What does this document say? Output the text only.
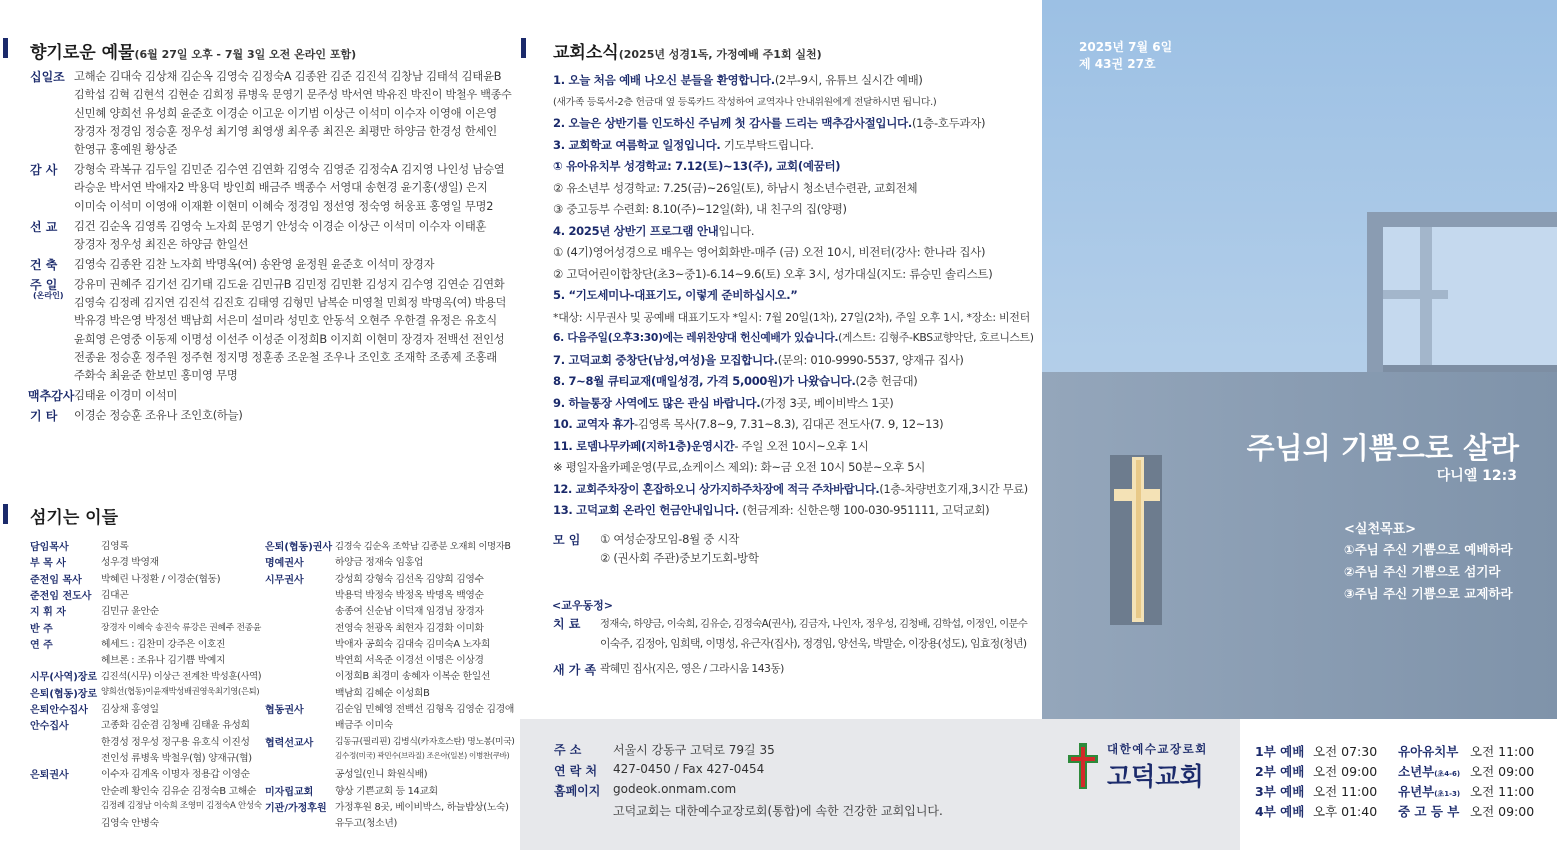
향기로운 예물(6월 27일 오후 - 7월 3일 오전 온라인 포함)
십일조 고해순 김대숙 김상채 김순옥 김영숙 김정숙A 김종완 김준 김진석 김창남 김태석 김태윤B
김학섭 김혁 김현석 김현순 김희정 류병욱 문영기 문주성 박서연 박유진 박진이 박철우 백종수
신민혜 양희선 유성희 윤준호 이경순 이고운 이기범 이상근 이석미 이수자 이영애 이은영
장경자 정경임 정승훈 정우성 최기영 최영생 최우종 최진온 최평만 하양금 한경성 한세인
한영규 홍예원 황상준
감 사 강형숙 곽복규 김두일 김민준 김수연 김연화 김영숙 김영준 김정숙A 김지영 나인성 남승열
라승운 박서연 박애자2 박용덕 방인희 배금주 백종수 서영대 송현경 윤기홍(생일) 은지
이미숙 이석미 이영애 이재환 이현미 이혜숙 정경임 정선영 정숙영 허웅표 홍영일 무명2
선 교 김건 김순옥 김영록 김영숙 노자희 문영기 안성숙 이경순 이상근 이석미 이수자 이태훈
장경자 정우성 최진온 하양금 한일선
건 축 김영숙 김종완 김찬 노자희 박명옥(여) 송완영 윤정원 윤준호 이석미 장경자
주 일
(온라인)
강유미 권혜주 김기선 김기태 김도윤 김민규B 김민정 김민환 김성지 김수영 김연순 김연화
김영숙 김정례 김지연 김진석 김진호 김태영 김형민 남복순 미영철 민희정 박명옥(여) 박용덕
박유경 박은영 박정선 백남희 서은미 설미라 성민호 안동석 오현주 우한결 유정은 유호식
윤희영 은영중 이동제 이명성 이선주 이성준 이정희B 이지희 이현미 장경자 전백선 전인성
전종윤 정승훈 정주원 정주현 정지명 정훈종 조운철 조우나 조인호 조재학 조종제 조홍래
주화숙 최윤준 한보민 홍미영 무명
맥추감사 김태윤 이경미 이석미
기 타 이경순 정승훈 조유나 조인호(하늘)
섬기는 이들
담임목사	김영록
부 목 사	성우경 박영재
준전임 목사 박혜린 나정환 / 이경순(협동)
준전임 전도사 김대곤
지 휘 자	김민규 윤안순
반 주	장경자 이혜숙 송진숙 류강은 권혜주 전종윤
연 주	헤세드 : 김찬미 강주은 이호진
헤브론 : 조유나 김기쁨 박예지
시무(사역)장로 김진석(시무) 이상근 전계찬 박성훈(사역)
은퇴(협동)장로 양희선(협동)이윤재박성배권영욱최기영(은퇴)
은퇴안수집사 김상채 홍영일
안수집사	고종화 김순겸 김청배 김태윤 유성희
한경성 정우성 정구용 유호식 이진성
전인성 류병욱 박철우(협) 양재규(협)
은퇴권사	이수자 김계옥 이명자 정용갑 이영순
안순례 황인숙 김유순 김정숙B 고해순
김정례 김정남 이숙희 조영미 김정숙A 안성숙
김영숙 안병숙
은퇴(협동)권사 김경숙 김순옥 조학남 김종분 오재희 이명자B
명예권사	하양금 정재숙 임홍업
시무권사	강성희 강형숙 김선옥 김양희 김영수
박용덕 박정숙 박정옥 박명옥 백영순
송종여 신순남 이덕재 임경님 장경자
전영숙 천광옥 최현자 김경화 이미화
박애자 공희숙 김대숙 김미숙A 노자희
박연희 서옥준 이경선 이명은 이상경
이정희B 최경미 송혜자 이복순 한일선
백남희 김혜순 이성희B
협동권사	김순임 민혜영 전백선 김형옥 김영순 김경애
배금주 이미숙
협력선교사 김동규(필리핀) 김병식(카자흐스탄) 명노봉(미국)
김수정(미국) 곽민수(브라질) 조은아(일본) 이병찬(쿠바)
공성일(인니 화원식배)
미자립교회 향상 기쁜교회 등 14교회
기관/가정후원 가정후원 8곳, 베이비박스, 하늘밥상(노숙)
유두고(청소년)
교회소식(2025년 성경1독, 가정예배 주1회 실천)
1. 오늘 처음 예배 나오신 분들을 환영합니다.(2부-9시, 유튜브 실시간 예배)
(새가족 등록서-2층 헌금대 옆 등록카드 작성하여 교역자나 안내위원에게 전달하시면 됩니다.)
2. 오늘은 상반기를 인도하신 주님께 첫 감사를 드리는 맥추감사절입니다.(1층-호두과자)
3. 교회학교 여름학교 일정입니다. 기도부탁드립니다.
① 유아유치부 성경학교: 7.12(토)~13(주), 교회(예꿈터)
② 유소년부 성경학교: 7.25(금)~26일(토), 하남시 청소년수련관, 교회전체
③ 중고등부 수련회: 8.10(주)~12일(화), 내 친구의 집(양평)
4. 2025년 상반기 프로그램 안내입니다.
① (4기)영어성경으로 배우는 영어회화반-매주 (금) 오전 10시, 비전터(강사: 한나라 집사)
② 고덕어린이합창단(초3~중1)-6.14~9.6(토) 오후 3시, 성가대실(지도: 류승민 솔리스트)
5. “기도세미나-대표기도, 이렇게 준비하십시오.”
*대상: 시무권사 및 공예배 대표기도자 *일시: 7월 20일(1차), 27일(2차), 주일 오후 1시, *장소: 비전터
6. 다음주일(오후3:30)에는 레위찬양대 헌신예배가 있습니다.(게스트: 김형주-KBS교향악단, 호르니스트)
7. 고덕교회 중창단(남성,여성)을 모집합니다.(문의: 010-9990-5537, 양재규 집사)
8. 7~8월 큐티교재(매일성경, 가격 5,000원)가 나왔습니다.(2층 헌금대)
9. 하늘통장 사역에도 많은 관심 바랍니다.(가정 3곳, 베이비박스 1곳)
10. 교역자 휴가-김영록 목사(7.8~9, 7.31~8.3), 김대곤 전도사(7. 9, 12~13)
11. 로뎀나무카페(지하1층)운영시간- 주일 오전 10시~오후 1시
※ 평일자율카페운영(무료,쇼케이스 제외): 화~금 오전 10시 50분~오후 5시
12. 교회주차장이 혼잡하오니 상가지하주차장에 적극 주차바랍니다.(1층-차량번호기재,3시간 무료)
13. 고덕교회 온라인 헌금안내입니다. (헌금계좌: 신한은행 100-030-951111, 고덕교회)
모 임 ① 여성순장모임-8월 중 시작
② (권사회 주관)중보기도회-방학
<교우동정>
치 료 정재숙, 하양금, 이숙희, 김유순, 김정숙A(권사), 김금자, 나인자, 정우성, 김청배, 김학섭, 이정인, 이문수
이숙주, 김정아, 임희택, 이명성, 유근자(집사), 정경임, 양선욱, 박말순, 이장용(성도), 임효정(청년)
새 가 족 곽혜민 집사(지은, 영은 / 그라시움 143동)
주 소	서울시 강동구 고덕로 79길 35
연 락 처 427-0450 / Fax 427-0454
홈페이지 godeok.onmam.com
고덕교회는 대한예수교장로회(통합)에 속한 건강한 교회입니다.
대한예수교장로회
고덕교회
1부 예배 오전 07:30 유아유치부 오전 11:00
2부 예배 오전 09:00 소년부(초4-6) 오전 09:00
3부 예배 오전 11:00 유년부(초1-3) 오전 11:00
4부 예배 오후 01:40 중 고 등 부 오전 09:00
2025년 7월 6일
제 43권 27호
주님의 기쁨으로 살라
다니엘 12:3
<실천목표>
①주님 주신 기쁨으로 예배하라
②주님 주신 기쁨으로 섬기라
③주님 주신 기쁨으로 교제하라
